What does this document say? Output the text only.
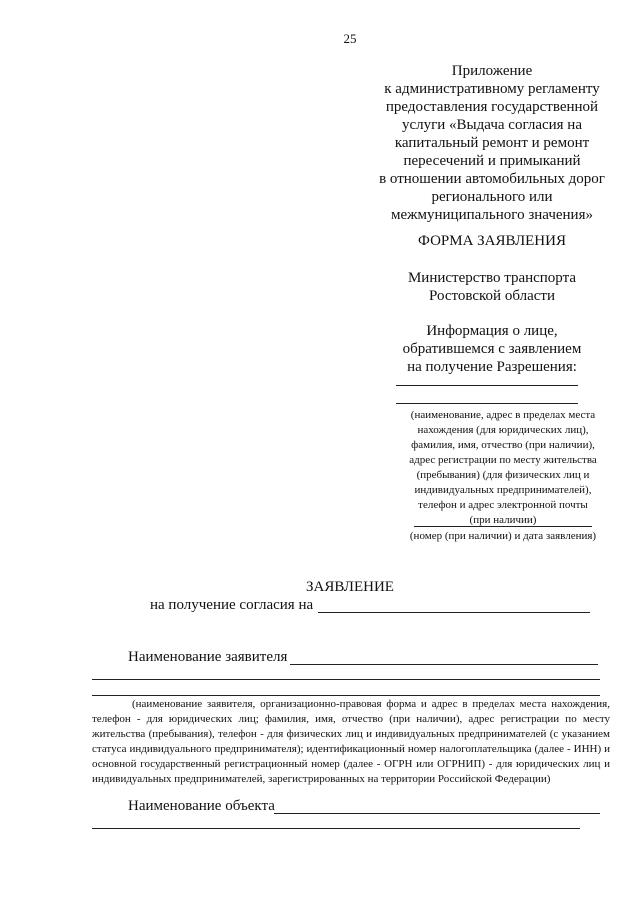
25
Приложение
к административному регламенту
предоставления государственной
услуги «Выдача согласия на
капитальный ремонт и ремонт
пересечений и примыканий
в отношении автомобильных дорог
регионального или
межмуниципального значения»
ФОРМА ЗАЯВЛЕНИЯ
Министерство транспорта
Ростовской области
Информация о лице,
обратившемся с заявлением
на получение Разрешения:
(наименование, адрес в пределах места
нахождения (для юридических лиц),
фамилия, имя, отчество (при наличии),
адрес регистрации по месту жительства
(пребывания) (для физических лиц и
индивидуальных предпринимателей),
телефон и адрес электронной почты
(при наличии)
(номер (при наличии) и дата заявления)
ЗАЯВЛЕНИЕ
на получение согласия на
Наименование заявителя
(наименование заявителя, организационно-правовая форма и адрес в пределах места нахождения, телефон - для юридических лиц; фамилия, имя, отчество (при наличии), адрес регистрации по месту жительства (пребывания), телефон - для физических лиц и индивидуальных предпринимателей (с указанием статуса индивидуального предпринимателя); идентификационный номер налогоплательщика (далее - ИНН) и основной государственный регистрационный номер (далее - ОГРН или ОГРНИП) - для юридических лиц и индивидуальных предпринимателей, зарегистрированных на территории Российской Федерации)
Наименование объекта
